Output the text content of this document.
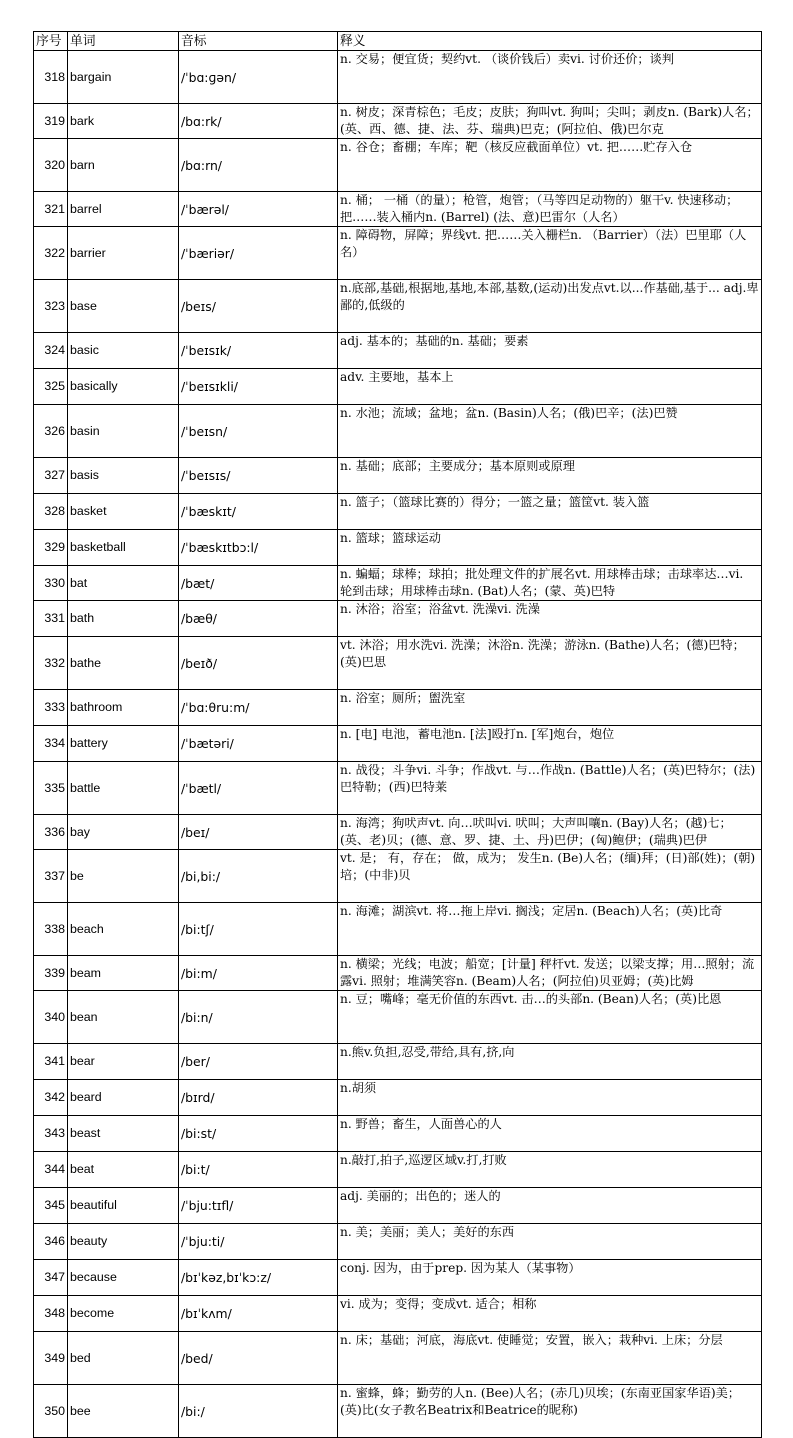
序号	单词	音标	释义
318	bargain	/ˈbɑ:ɡən/	n. 交易；便宜货；契约vt. （谈价钱后）卖vi. 讨价还价；谈判
319	bark	/bɑ:rk/	n. 树皮；深青棕色；毛皮；皮肤；狗叫vt. 狗叫；尖叫；剥皮n. (Bark)人名；(英、西、德、捷、法、芬、瑞典)巴克；(阿拉伯、俄)巴尔克
320	barn	/bɑ:rn/	n. 谷仓；畜棚；车库；靶（核反应截面单位）vt. 把……贮存入仓
321	barrel	/ˈbærəl/	n. 桶； 一桶（的量）；枪管，炮管；（马等四足动物的）躯干v. 快速移动；把……装入桶内n. (Barrel) (法、意)巴雷尔（人名）
322	barrier	/ˈbæriər/	n. 障碍物，屏障；界线vt. 把……关入栅栏n. （Barrier）（法）巴里耶（人名）
323	base	/beɪs/	n.底部,基础,根据地,基地,本部,基数,(运动)出发点vt.以...作基础,基于... adj.卑鄙的,低级的
324	basic	/ˈbeɪsɪk/	adj. 基本的；基础的n. 基础；要素
325	basically	/ˈbeɪsɪkli/	adv. 主要地，基本上
326	basin	/ˈbeɪsn/	n. 水池；流域；盆地；盆n. (Basin)人名；(俄)巴辛；(法)巴赞
327	basis	/ˈbeɪsɪs/	n. 基础；底部；主要成分；基本原则或原理
328	basket	/ˈbæskɪt/	n. 篮子；（篮球比赛的）得分；一篮之量；篮筐vt. 装入篮
329	basketball	/ˈbæskɪtbɔ:l/	n. 篮球；篮球运动
330	bat	/bæt/	n. 蝙蝠；球棒；球拍；批处理文件的扩展名vt. 用球棒击球；击球率达…vi. 轮到击球；用球棒击球n. (Bat)人名；(蒙、英)巴特
331	bath	/bæθ/	n. 沐浴；浴室；浴盆vt. 洗澡vi. 洗澡
332	bathe	/beɪð/	vt. 沐浴；用水洗vi. 洗澡；沐浴n. 洗澡；游泳n. (Bathe)人名；(德)巴特；(英)巴思
333	bathroom	/ˈbɑ:θru:m/	n. 浴室；厕所；盥洗室
334	battery	/ˈbætəri/	n. [电] 电池，蓄电池n. [法]殴打n. [军]炮台，炮位
335	battle	/ˈbætl/	n. 战役；斗争vi. 斗争；作战vt. 与…作战n. (Battle)人名；(英)巴特尔；(法)巴特勒；(西)巴特莱
336	bay	/beɪ/	n. 海湾；狗吠声vt. 向…吠叫vi. 吠叫；大声叫嚷n. (Bay)人名；(越)七；(英、老)贝；(德、意、罗、捷、土、丹)巴伊；(匈)鲍伊；(瑞典)巴伊
337	be	/bi,bi:/	vt. 是； 有，存在； 做，成为； 发生n. (Be)人名；(缅)拜；(日)部(姓)；(朝)培；(中非)贝
338	beach	/bi:tʃ/	n. 海滩；湖滨vt. 将…拖上岸vi. 搁浅；定居n. (Beach)人名；(英)比奇
339	beam	/bi:m/	n. 横梁；光线；电波；船宽；[计量] 秤杆vt. 发送；以梁支撑；用…照射；流露vi. 照射；堆满笑容n. (Beam)人名；(阿拉伯)贝亚姆；(英)比姆
340	bean	/bi:n/	n. 豆；嘴峰；毫无价值的东西vt. 击…的头部n. (Bean)人名；(英)比恩
341	bear	/ber/	n.熊v.负担,忍受,带给,具有,挤,向
342	beard	/bɪrd/	n.胡须
343	beast	/bi:st/	n. 野兽；畜生，人面兽心的人
344	beat	/bi:t/	n.敲打,拍子,巡逻区域v.打,打败
345	beautiful	/ˈbju:tɪfl/	adj. 美丽的；出色的；迷人的
346	beauty	/ˈbju:ti/	n. 美；美丽；美人；美好的东西
347	because	/bɪˈkəz,bɪˈkɔ:z/	conj. 因为，由于prep. 因为某人（某事物）
348	become	/bɪˈkʌm/	vi. 成为；变得；变成vt. 适合；相称
349	bed	/bed/	n. 床；基础；河底，海底vt. 使睡觉；安置，嵌入；栽种vi. 上床；分层
350	bee	/bi:/	n. 蜜蜂，蜂；勤劳的人n. (Bee)人名；(赤几)贝埃；(东南亚国家华语)美；(英)比(女子教名Beatrix和Beatrice的昵称)
